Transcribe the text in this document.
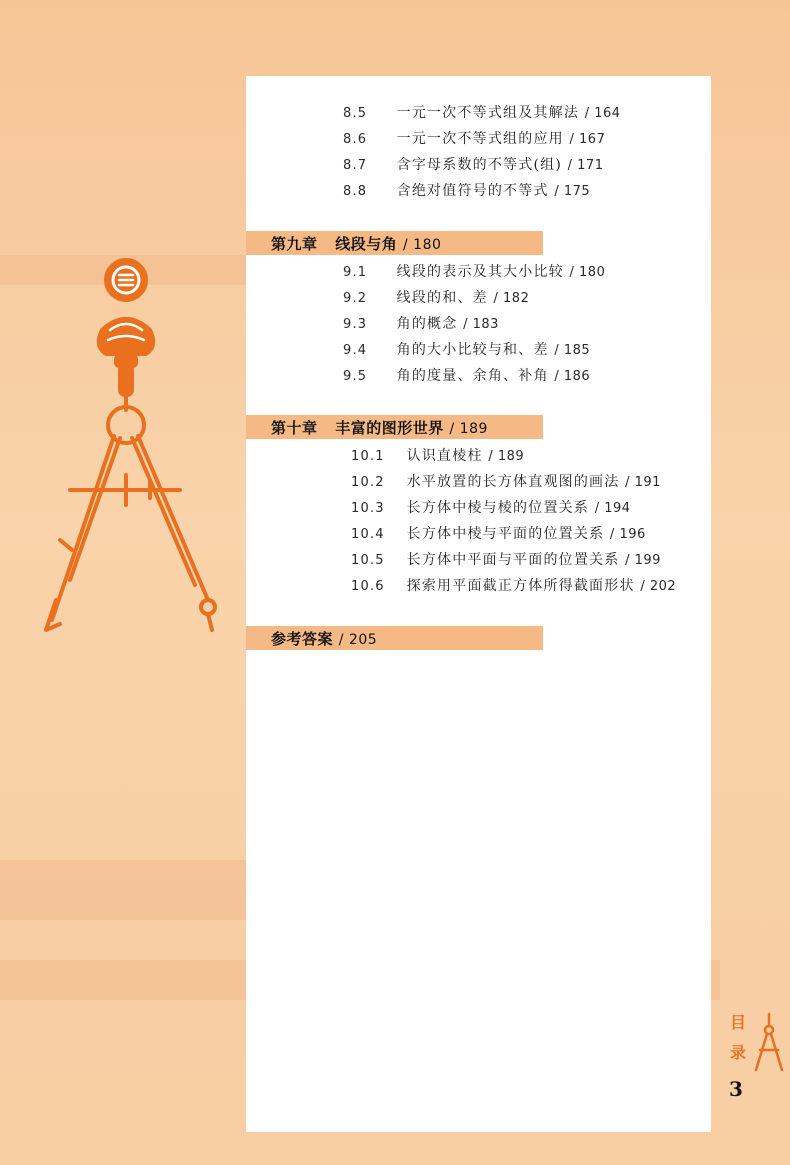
8.5 一元一次不等式组及其解法 / 164
8.6 一元一次不等式组的应用 / 167
8.7 含字母系数的不等式(组) / 171
8.8 含绝对值符号的不等式 / 175
第九章 线段与角 / 180
9.1 线段的表示及其大小比较 / 180
9.2 线段的和、差 / 182
9.3 角的概念 / 183
9.4 角的大小比较与和、差 / 185
9.5 角的度量、余角、补角 / 186
第十章 丰富的图形世界 / 189
10.1 认识直棱柱 / 189
10.2 水平放置的长方体直观图的画法 / 191
10.3 长方体中棱与棱的位置关系 / 194
10.4 长方体中棱与平面的位置关系 / 196
10.5 长方体中平面与平面的位置关系 / 199
10.6 探索用平面截正方体所得截面形状 / 202
参考答案 / 205
目
录
3
